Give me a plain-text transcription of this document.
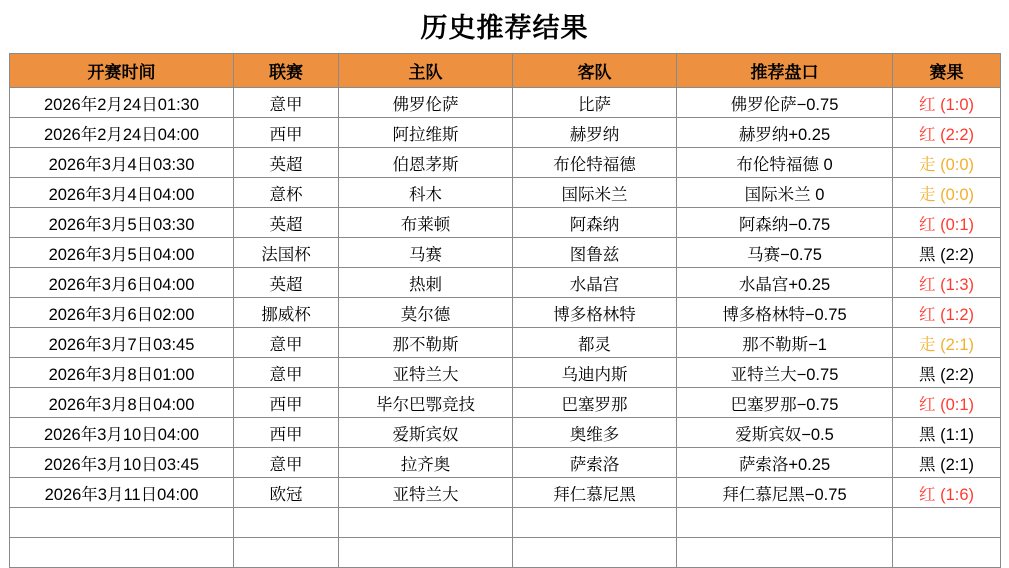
历史推荐结果
开赛时间	联赛	主队	客队	推荐盘口	赛果
2026年2月24日01:30	意甲	佛罗伦萨	比萨	佛罗伦萨−0.75	红 (1:0)
2026年2月24日04:00	西甲	阿拉维斯	赫罗纳	赫罗纳+0.25	红 (2:2)
2026年3月4日03:30	英超	伯恩茅斯	布伦特福德	布伦特福德 0	走 (0:0)
2026年3月4日04:00	意杯	科木	国际米兰	国际米兰 0	走 (0:0)
2026年3月5日03:30	英超	布莱顿	阿森纳	阿森纳−0.75	红 (0:1)
2026年3月5日04:00	法国杯	马赛	图鲁兹	马赛−0.75	黑 (2:2)
2026年3月6日04:00	英超	热刺	水晶宫	水晶宫+0.25	红 (1:3)
2026年3月6日02:00	挪威杯	莫尔德	博多格林特	博多格林特−0.75	红 (1:2)
2026年3月7日03:45	意甲	那不勒斯	都灵	那不勒斯−1	走 (2:1)
2026年3月8日01:00	意甲	亚特兰大	乌迪内斯	亚特兰大−0.75	黑 (2:2)
2026年3月8日04:00	西甲	毕尔巴鄂竞技	巴塞罗那	巴塞罗那−0.75	红 (0:1)
2026年3月10日04:00	西甲	爱斯宾奴	奥维多	爱斯宾奴−0.5	黑 (1:1)
2026年3月10日03:45	意甲	拉齐奥	萨索洛	萨索洛+0.25	黑 (2:1)
2026年3月11日04:00	欧冠	亚特兰大	拜仁慕尼黑	拜仁慕尼黑−0.75	红 (1:6)
